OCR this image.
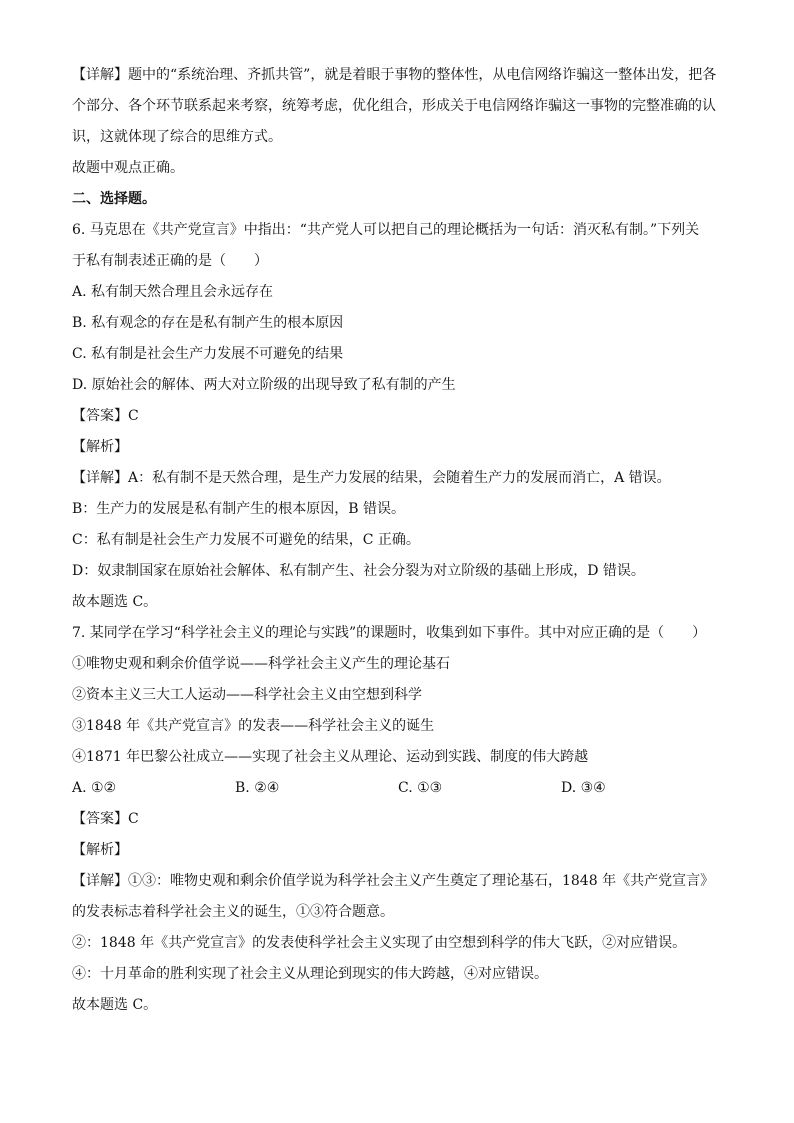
【详解】题中的“系统治理、齐抓共管”，就是着眼于事物的整体性，从电信网络诈骗这一整体出发，把各
个部分、各个环节联系起来考察，统筹考虑，优化组合，形成关于电信网络诈骗这一事物的完整准确的认
识，这就体现了综合的思维方式。
故题中观点正确。
二、选择题。
6. 马克思在《共产党宣言》中指出：“共产党人可以把自己的理论概括为一句话：消灭私有制。”下列关
于私有制表述正确的是（　　）
A. 私有制天然合理且会永远存在
B. 私有观念的存在是私有制产生的根本原因
C. 私有制是社会生产力发展不可避免的结果
D. 原始社会的解体、两大对立阶级的出现导致了私有制的产生
【答案】C
【解析】
【详解】A：私有制不是天然合理，是生产力发展的结果，会随着生产力的发展而消亡，A 错误。
B：生产力的发展是私有制产生的根本原因，B 错误。
C：私有制是社会生产力发展不可避免的结果，C 正确。
D：奴隶制国家在原始社会解体、私有制产生、社会分裂为对立阶级的基础上形成，D 错误。
故本题选 C。
7. 某同学在学习“科学社会主义的理论与实践”的课题时，收集到如下事件。其中对应正确的是（　　）
①唯物史观和剩余价值学说——科学社会主义产生的理论基石
②资本主义三大工人运动——科学社会主义由空想到科学
③1848 年《共产党宣言》的发表——科学社会主义的诞生
④1871 年巴黎公社成立——实现了社会主义从理论、运动到实践、制度的伟大跨越
A. ①②	B. ②④	C. ①③	D. ③④
【答案】C
【解析】
【详解】①③：唯物史观和剩余价值学说为科学社会主义产生奠定了理论基石，1848 年《共产党宣言》
的发表标志着科学社会主义的诞生，①③符合题意。
②：1848 年《共产党宣言》的发表使科学社会主义实现了由空想到科学的伟大飞跃，②对应错误。
④：十月革命的胜利实现了社会主义从理论到现实的伟大跨越，④对应错误。
故本题选 C。
